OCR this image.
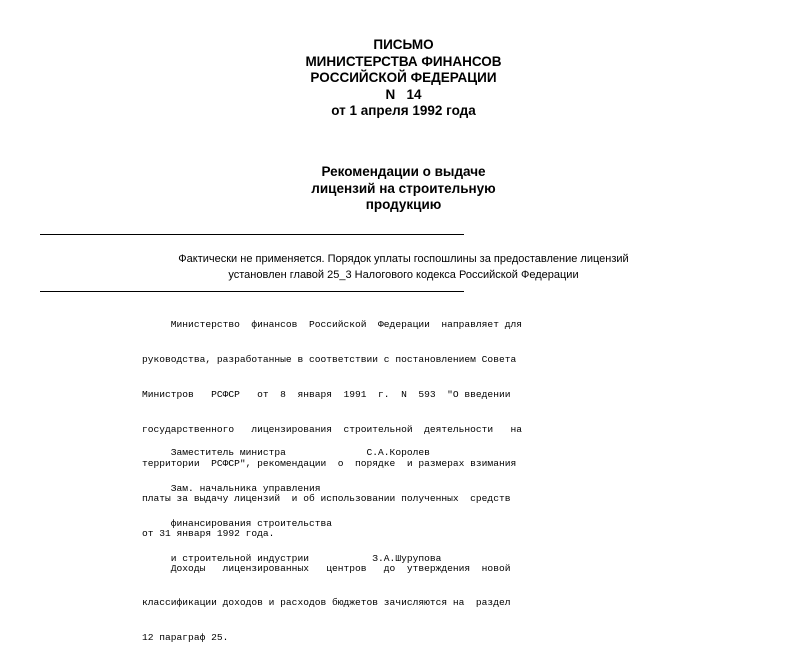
ПИСЬМО
МИНИСТЕРСТВА ФИНАНСОВ
РОССИЙСКОЙ ФЕДЕРАЦИИ
N   14
от 1 апреля 1992 года
Рекомендации о выдаче
лицензий на строительную
продукцию
Фактически не применяется. Порядок уплаты госпошлины за предоставление лицензий
установлен главой 25_3 Налогового кодекса Российской Федерации

Министерство  финансов  Российской  Федерации  направляет для

руководства, разработанные в соответствии с постановлением Совета

Министров   РСФСР   от  8  января  1991  г.  N  593  "О введении

государственного   лицензирования  строительной  деятельности   на

территории  РСФСР", рекомендации  о  порядке  и размерах взимания

платы за выдачу лицензий  и об использовании полученных  средств

от 31 января 1992 года.

Доходы   лицензированных   центров   до  утверждения  новой

классификации доходов и расходов бюджетов зачисляются на  раздел

12 параграф 25.

Заместитель министра              С.А.Королев

Зам. начальника управления

финансирования строительства

и строительной индустрии           З.А.Шурупова
